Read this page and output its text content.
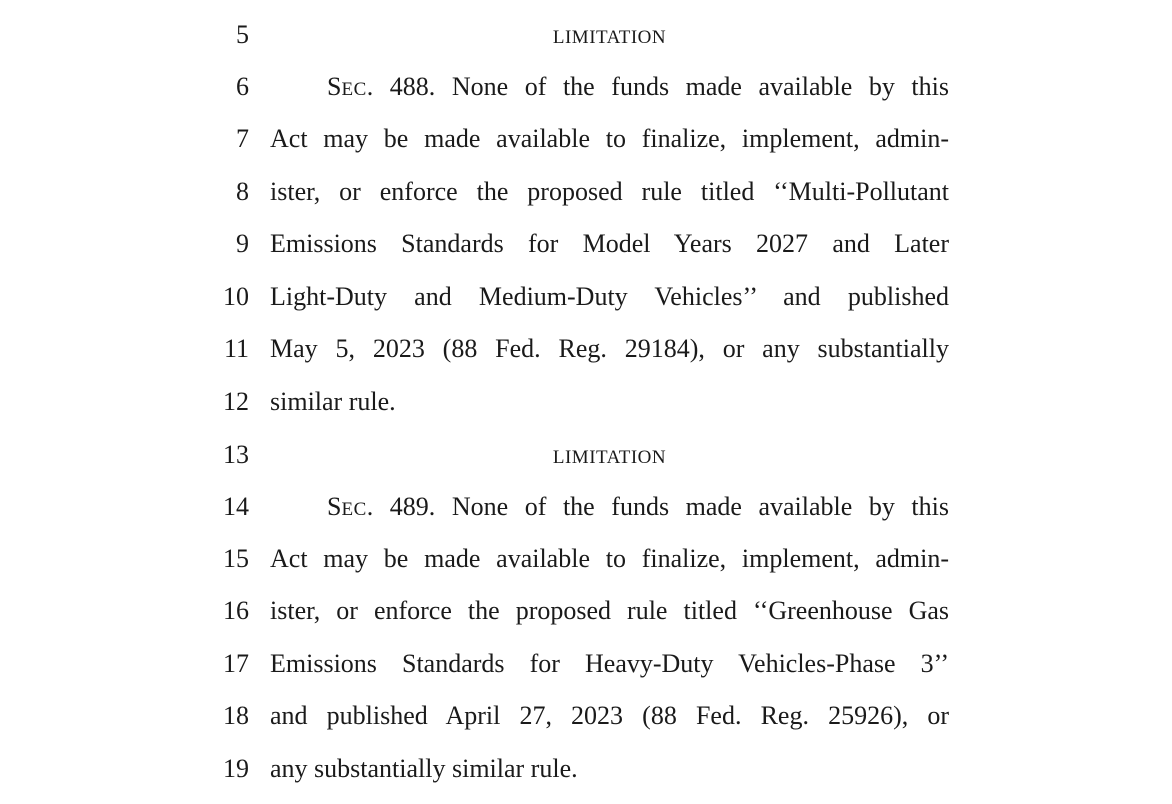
5	LIMITATION
6	SEC. 488. None of the funds made available by this
7 Act may be made available to finalize, implement, admin-
8 ister, or enforce the proposed rule titled ‘‘Multi-Pollutant
9 Emissions Standards for Model Years 2027 and Later
10 Light-Duty and Medium-Duty Vehicles’’ and published
11 May 5, 2023 (88 Fed. Reg. 29184), or any substantially
12 similar rule.
13	LIMITATION
14	SEC. 489. None of the funds made available by this
15 Act may be made available to finalize, implement, admin-
16 ister, or enforce the proposed rule titled ‘‘Greenhouse Gas
17 Emissions Standards for Heavy-Duty Vehicles-Phase 3’’
18 and published April 27, 2023 (88 Fed. Reg. 25926), or
19 any substantially similar rule.
